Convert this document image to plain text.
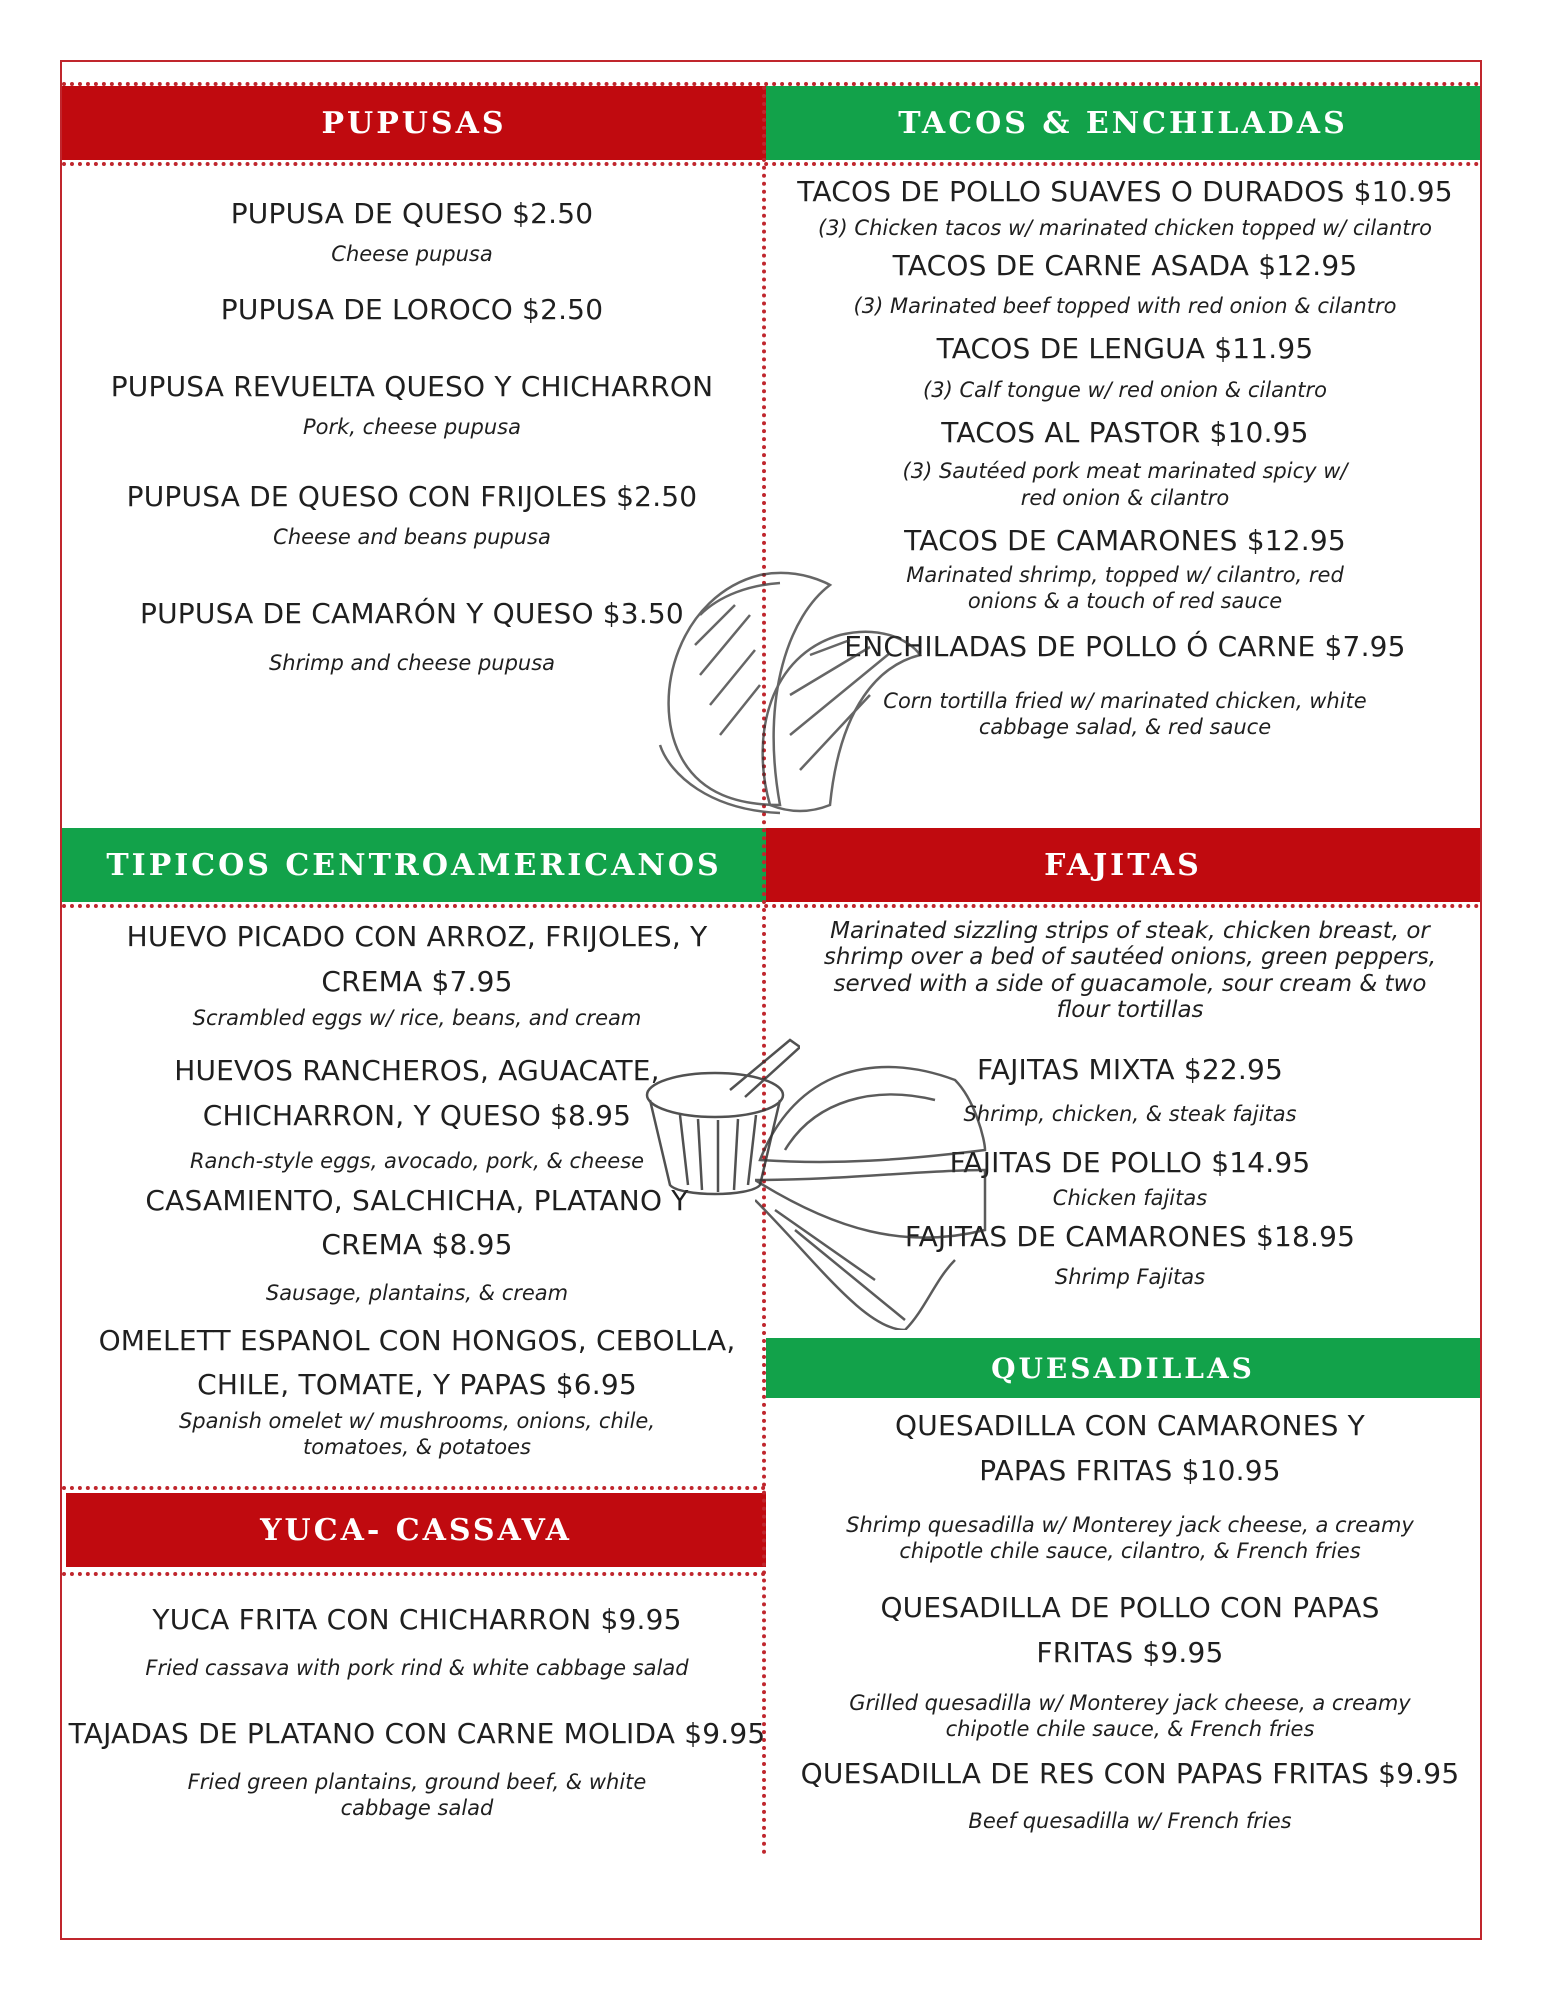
PUPUSAS	TACOS & ENCHILADAS
TIPICOS CENTROAMERICANOS	FAJITAS
YUCA- CASSAVA
QUESADILLAS
PUPUSA DE QUESO $2.50
Cheese pupusa
PUPUSA DE LOROCO $2.50
PUPUSA REVUELTA QUESO Y CHICHARRON
Pork, cheese pupusa
PUPUSA DE QUESO CON FRIJOLES $2.50
Cheese and beans pupusa
PUPUSA DE CAMARÓN Y QUESO $3.50
Shrimp and cheese pupusa
TACOS DE POLLO SUAVES O DURADOS $10.95
(3) Chicken tacos w/ marinated chicken topped w/ cilantro
TACOS DE CARNE ASADA $12.95
(3) Marinated beef topped with red onion & cilantro
TACOS DE LENGUA $11.95
(3) Calf tongue w/ red onion & cilantro
TACOS AL PASTOR $10.95
(3) Sautéed pork meat marinated spicy w/ red onion & cilantro
TACOS DE CAMARONES $12.95
Marinated shrimp, topped w/ cilantro, red onions & a touch of red sauce
ENCHILADAS DE POLLO Ó CARNE $7.95
Corn tortilla fried w/ marinated chicken, white cabbage salad, & red sauce
HUEVO PICADO CON ARROZ, FRIJOLES, Y CREMA $7.95
Scrambled eggs w/ rice, beans, and cream
HUEVOS RANCHEROS, AGUACATE, CHICHARRON, Y QUESO $8.95
Ranch-style eggs, avocado, pork, & cheese
CASAMIENTO, SALCHICHA, PLATANO Y CREMA $8.95
Sausage, plantains, & cream
OMELETT ESPANOL CON HONGOS, CEBOLLA, CHILE, TOMATE, Y PAPAS $6.95
Spanish omelet w/ mushrooms, onions, chile, tomatoes, & potatoes
Marinated sizzling strips of steak, chicken breast, or shrimp over a bed of sautéed onions, green peppers, served with a side of guacamole, sour cream & two flour tortillas
FAJITAS MIXTA $22.95
Shrimp, chicken, & steak fajitas
FAJITAS DE POLLO $14.95
Chicken fajitas
FAJITAS DE CAMARONES $18.95
Shrimp Fajitas
QUESADILLA CON CAMARONES Y PAPAS FRITAS $10.95
Shrimp quesadilla w/ Monterey jack cheese, a creamy chipotle chile sauce, cilantro, & French fries
QUESADILLA DE POLLO CON PAPAS FRITAS $9.95
Grilled quesadilla w/ Monterey jack cheese, a creamy chipotle chile sauce, & French fries
QUESADILLA DE RES CON PAPAS FRITAS $9.95
Beef quesadilla w/ French fries
YUCA FRITA CON CHICHARRON $9.95
Fried cassava with pork rind & white cabbage salad
TAJADAS DE PLATANO CON CARNE MOLIDA $9.95
Fried green plantains, ground beef, & white cabbage salad
